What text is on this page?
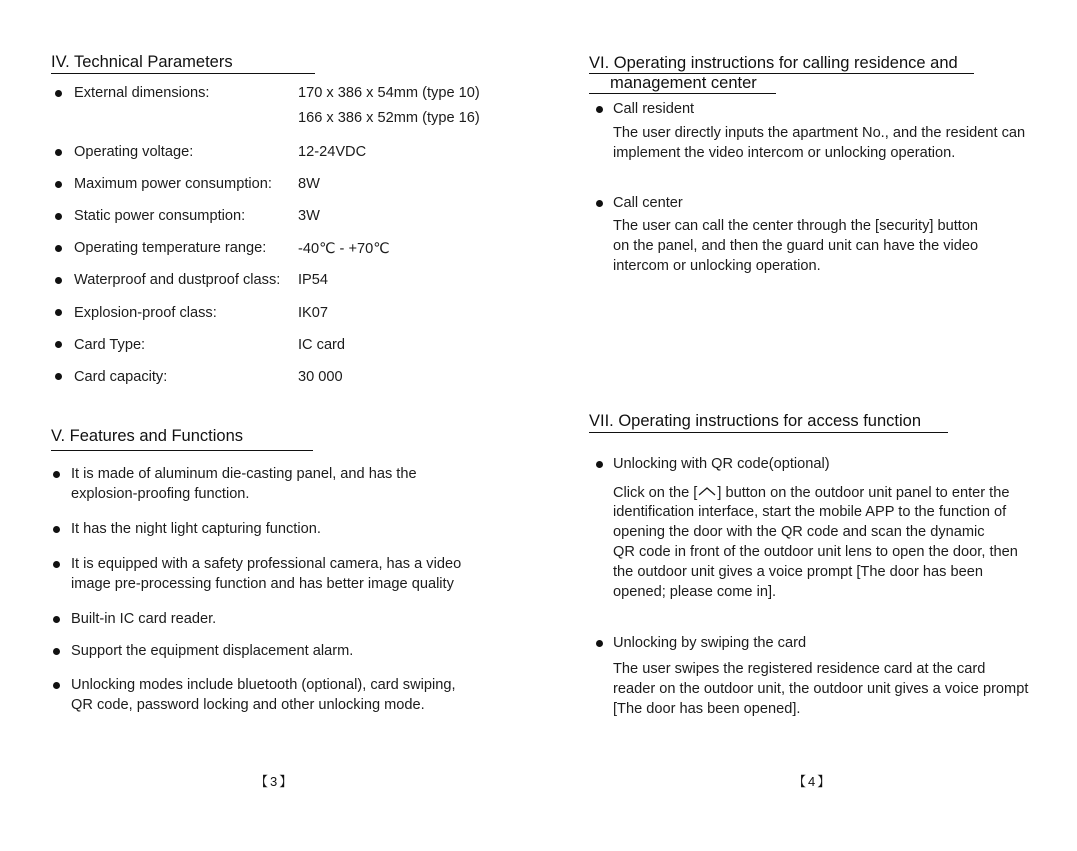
IV. Technical Parameters
External dimensions:	170 x 386 x 54mm (type 10)
166 x 386 x 52mm (type 16)
Operating voltage:	12-24VDC
Maximum power consumption: 8W
Static power consumption:	3W
Operating temperature range: -40℃ - +70℃
Waterproof and dustproof class: IP54
Explosion-proof class:	IK07
Card Type:	IC card
Card capacity:	30 000
V. Features and Functions
It is made of aluminum die-casting panel, and has the
explosion-proofing function.
It has the night light capturing function.
It is equipped with a safety professional camera, has a video
image pre-processing function and has better image quality
Built-in IC card reader.
Support the equipment displacement alarm.
Unlocking modes include bluetooth (optional), card swiping,
QR code, password locking and other unlocking mode.
【3】
VI. Operating instructions for calling residence and
management center
Call resident
The user directly inputs the apartment No., and the resident can
implement the video intercom or unlocking operation.
Call center
The user can call the center through the [security] button
on the panel, and then the guard unit can have the video
intercom or unlocking operation.
VII. Operating instructions for access function
Unlocking with QR code(optional)
Click on the [ ] button on the outdoor unit panel to enter the
identification interface, start the mobile APP to the function of
opening the door with the QR code and scan the dynamic
QR code in front of the outdoor unit lens to open the door, then
the outdoor unit gives a voice prompt [The door has been
opened; please come in].
Unlocking by swiping the card
The user swipes the registered residence card at the card
reader on the outdoor unit, the outdoor unit gives a voice prompt
[The door has been opened].
【4】
